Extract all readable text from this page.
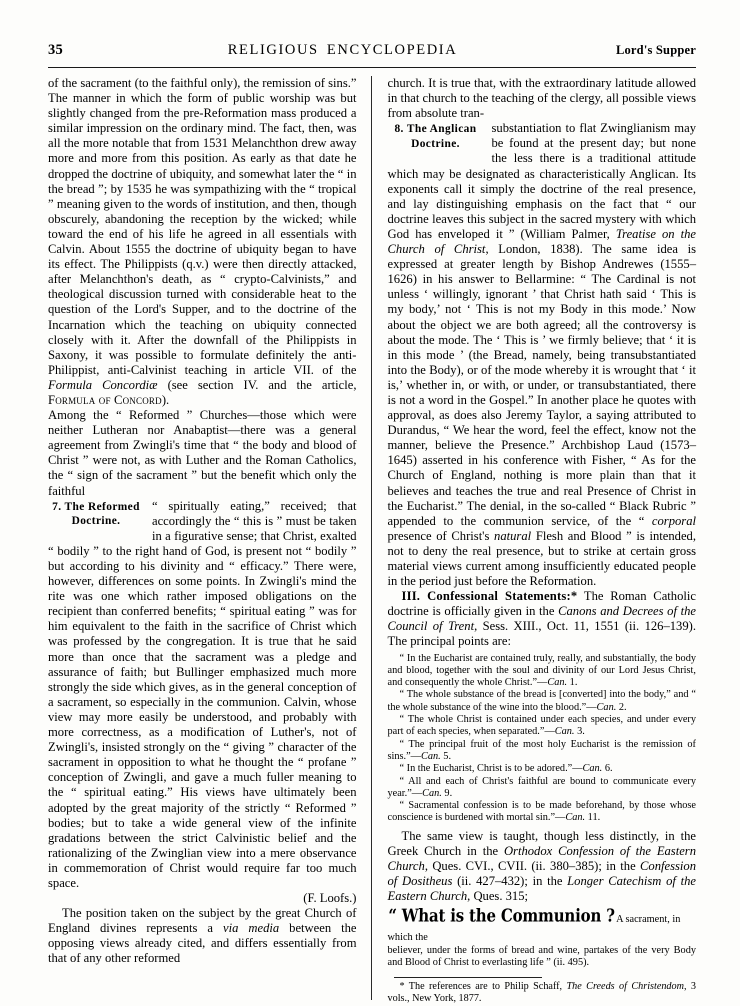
35	RELIGIOUS ENCYCLOPEDIA	Lord's Supper

of the sacrament (to the faithful only), the remission of sins.” The manner in which the form of public worship was but slightly changed from the pre-Reformation mass produced a similar impression on the ordinary mind. The fact, then, was all the more notable that from 1531 Melanchthon drew away more and more from this position. As early as that date he dropped the doctrine of ubiquity, and somewhat later the “ in the bread ”; by 1535 he was sympathizing with the “ tropical ” meaning given to the words of institution, and then, though obscurely, abandoning the reception by the wicked; while toward the end of his life he agreed in all essentials with Calvin. About 1555 the doctrine of ubiquity began to have its effect. The Philippists (q.v.) were then directly attacked, after Melanchthon's death, as “ crypto-Calvinists,” and theological discussion turned with considerable heat to the question of the Lord's Supper, and to the doctrine of the Incarnation which the teaching on ubiquity connected closely with it. After the downfall of the Philippists in Saxony, it was possible to formulate definitely the anti-Philippist, anti-Calvinist teaching in article VII. of the Formula Concordiæ (see section IV. and the article, Formula of Concord).

Among the “ Reformed ” Churches—those which were neither Lutheran nor Anabaptist—there was a general agreement from Zwingli's time that “ the body and blood of Christ ” were not, as with Luther and the Roman Catholics, the “ sign of the sacrament ” but the benefit which only the faithful

7. The Reformed Doctrine.

“ spiritually eating,” received; that accordingly the “ this is ” must be taken in a figurative sense; that Christ, exalted “ bodily ” to the right hand of God, is present not “ bodily ” but according to his divinity and “ efficacy.” There were, however, differences on some points. In Zwingli's mind the rite was one which rather imposed obligations on the recipient than conferred benefits; “ spiritual eating ” was for him equivalent to the faith in the sacrifice of Christ which was professed by the congregation. It is true that he said more than once that the sacrament was a pledge and assurance of faith; but Bullinger emphasized much more strongly the side which gives, as in the general conception of a sacrament, so especially in the communion. Calvin, whose view may more easily be understood, and probably with more correctness, as a modification of Luther's, not of Zwingli's, insisted strongly on the “ giving ” character of the sacrament in opposition to what he thought the “ profane ” conception of Zwingli, and gave a much fuller meaning to the “ spiritual eating.” His views have ultimately been adopted by the great majority of the strictly “ Reformed ” bodies; but to take a wide general view of the infinite gradations between the strict Calvinistic belief and the rationalizing of the Zwinglian view into a mere observance in commemoration of Christ would require far too much space.

(F. Loofs.)

The position taken on the subject by the great Church of England divines represents a via media between the opposing views already cited, and differs essentially from that of any other reformed

church. It is true that, with the extraordinary latitude allowed in that church to the teaching of the clergy, all possible views from absolute tran-

8. The Anglican Doctrine.

substantiation to flat Zwinglianism may be found at the present day; but none the less there is a traditional attitude which may be designated as characteristically Anglican. Its exponents call it simply the doctrine of the real presence, and lay distinguishing emphasis on the fact that “ our doctrine leaves this subject in the sacred mystery with which God has enveloped it ” (William Palmer, Treatise on the Church of Christ, London, 1838). The same idea is expressed at greater length by Bishop Andrewes (1555–1626) in his answer to Bellarmine: “ The Cardinal is not unless ‘ willingly, ignorant ’ that Christ hath said ‘ This is my body,’ not ‘ This is not my Body in this mode.’ Now about the object we are both agreed; all the controversy is about the mode. The ‘ This is ’ we firmly believe; that ‘ it is in this mode ’ (the Bread, namely, being transubstantiated into the Body), or of the mode whereby it is wrought that ‘ it is,’ whether in, or with, or under, or transubstantiated, there is not a word in the Gospel.” In another place he quotes with approval, as does also Jeremy Taylor, a saying attributed to Durandus, “ We hear the word, feel the effect, know not the manner, believe the Presence.” Archbishop Laud (1573–1645) asserted in his conference with Fisher, “ As for the Church of England, nothing is more plain than that it believes and teaches the true and real Presence of Christ in the Eucharist.” The denial, in the so-called “ Black Rubric ” appended to the communion service, of the “ corporal presence of Christ's natural Flesh and Blood ” is intended, not to deny the real presence, but to strike at certain gross material views current among insufficiently educated people in the period just before the Reformation.

III. Confessional Statements:* The Roman Catholic doctrine is officially given in the Canons and Decrees of the Council of Trent, Sess. XIII., Oct. 11, 1551 (ii. 126–139). The principal points are:

“ In the Eucharist are contained truly, really, and substantially, the body and blood, together with the soul and divinity of our Lord Jesus Christ, and consequently the whole Christ.”—Can. 1.

“ The whole substance of the bread is [converted] into the body,” and “ the whole substance of the wine into the blood.”—Can. 2.

“ The whole Christ is contained under each species, and under every part of each species, when separated.”—Can. 3.

“ The principal fruit of the most holy Eucharist is the remission of sins.”—Can. 5.

“ In the Eucharist, Christ is to be adored.”—Can. 6.

“ All and each of Christ's faithful are bound to communicate every year.”—Can. 9.

“ Sacramental confession is to be made beforehand, by those whose conscience is burdened with mortal sin.”—Can. 11.

The same view is taught, though less distinctly, in the Greek Church in the Orthodox Confession of the Eastern Church, Ques. CVI., CVII. (ii. 380–385); in the Confession of Dositheus (ii. 427–432); in the Longer Catechism of the Eastern Church, Ques. 315;

“ What is the Communion ? A sacrament, in which the

believer, under the forms of bread and wine, partakes of the very Body and Blood of Christ to everlasting life ” (ii. 495).

* The references are to Philip Schaff, The Creeds of Christendom, 3 vols., New York, 1877.
